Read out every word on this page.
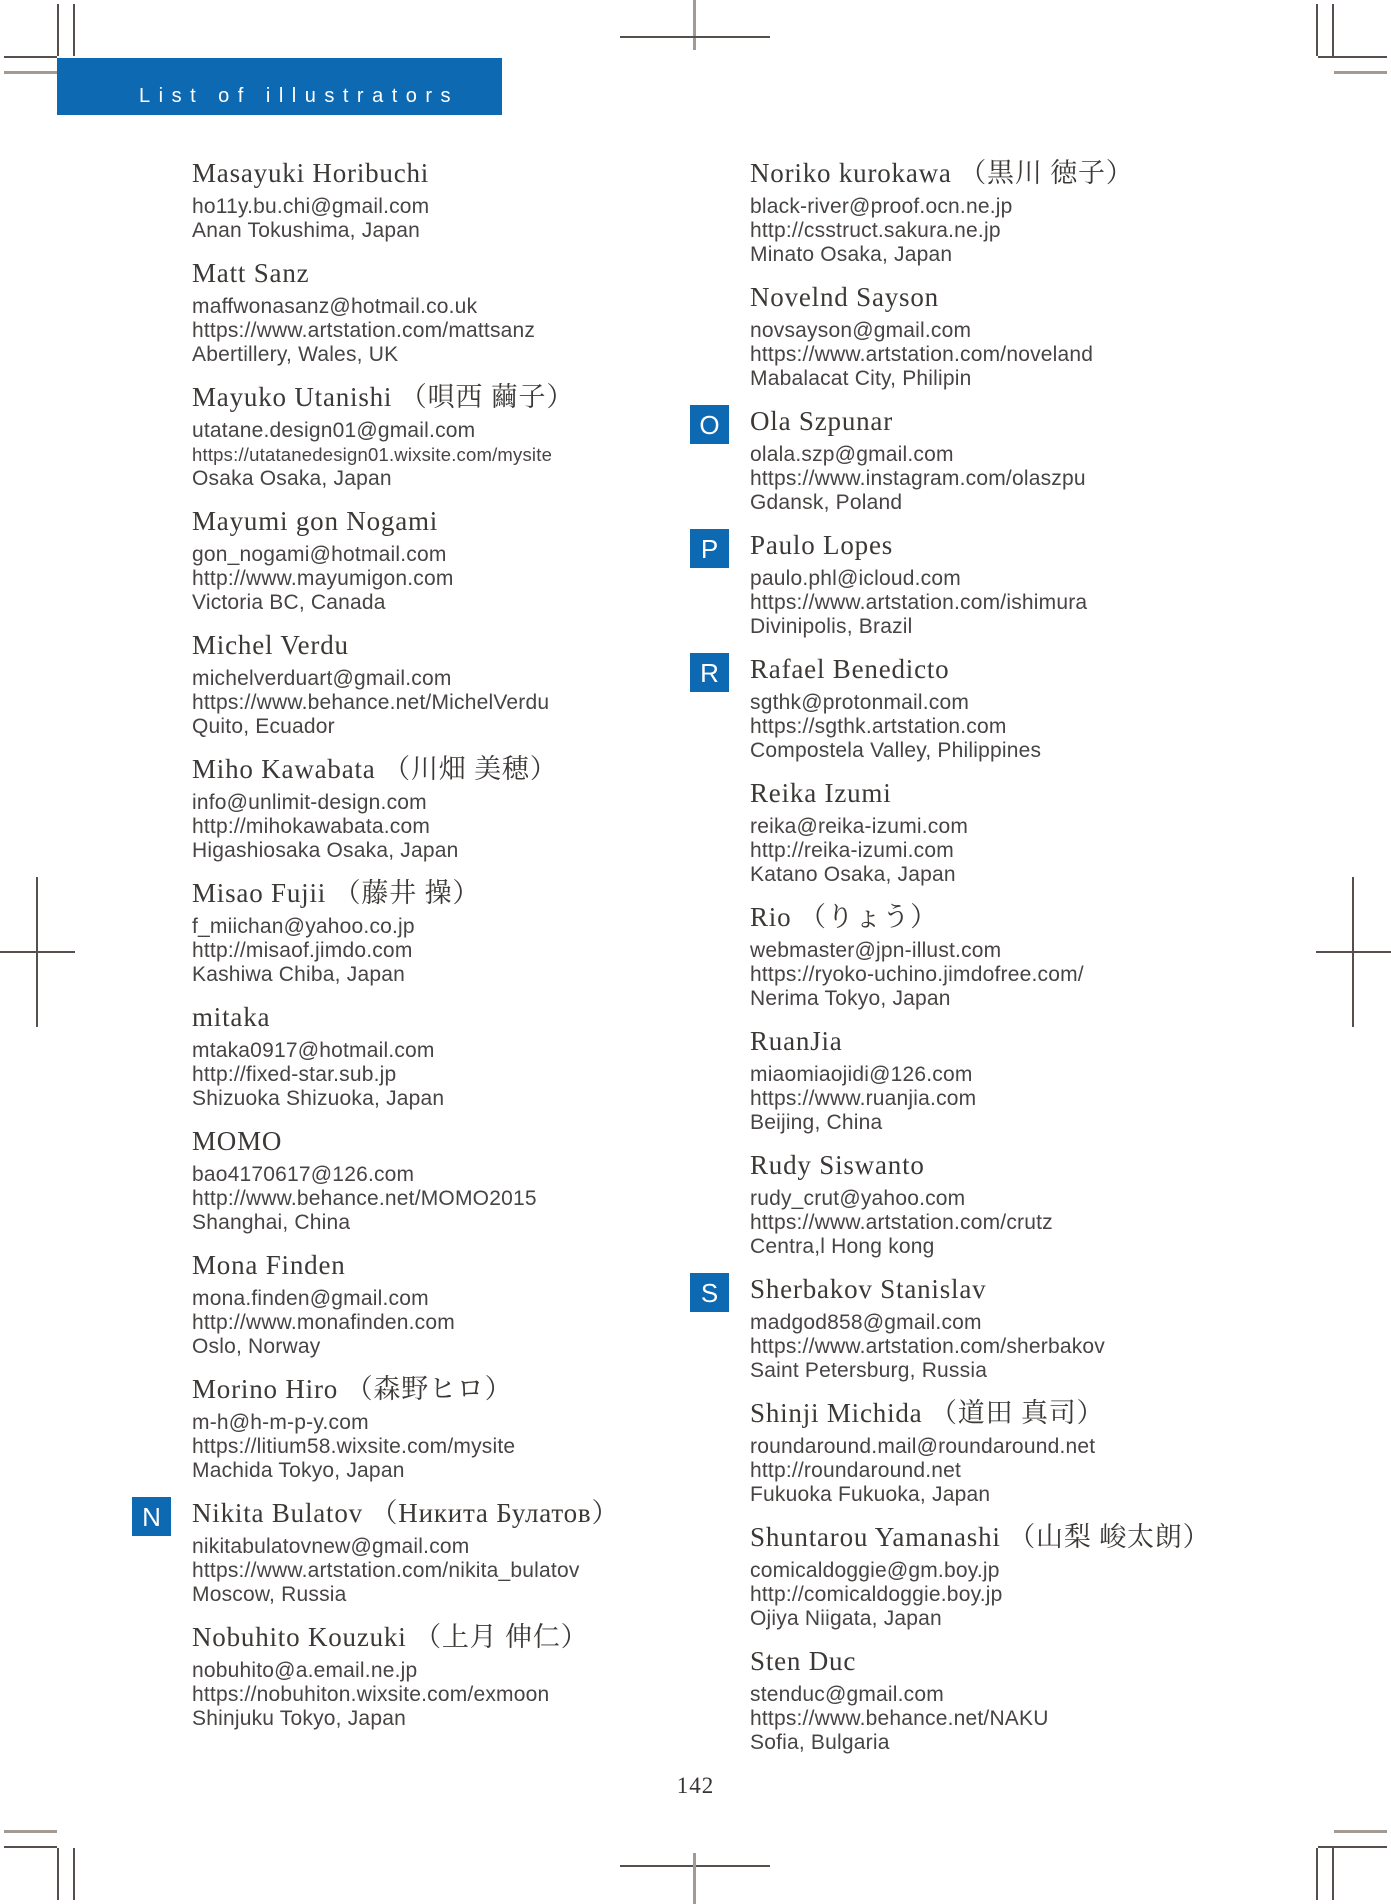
List of illustrators
Masayuki Horibuchi
ho11y.bu.chi@gmail.com
Anan Tokushima, Japan
Matt Sanz
maffwonasanz@hotmail.co.uk
https://www.artstation.com/mattsanz
Abertillery, Wales, UK
Mayuko Utanishi （唄西 繭子）
utatane.design01@gmail.com
https://utatanedesign01.wixsite.com/mysite
Osaka Osaka, Japan
Mayumi gon Nogami
gon_nogami@hotmail.com
http://www.mayumigon.com
Victoria BC, Canada
Michel Verdu
michelverduart@gmail.com
https://www.behance.net/MichelVerdu
Quito, Ecuador
Miho Kawabata （川畑 美穂）
info@unlimit-design.com
http://mihokawabata.com
Higashiosaka Osaka, Japan
Misao Fujii （藤井 操）
f_miichan@yahoo.co.jp
http://misaof.jimdo.com
Kashiwa Chiba, Japan
mitaka
mtaka0917@hotmail.com
http://fixed-star.sub.jp
Shizuoka Shizuoka, Japan
MOMO
bao4170617@126.com
http://www.behance.net/MOMO2015
Shanghai, China
Mona Finden
mona.finden@gmail.com
http://www.monafinden.com
Oslo, Norway
Morino Hiro （森野ヒロ）
m-h@h-m-p-y.com
https://litium58.wixsite.com/mysite
Machida Tokyo, Japan
N	Nikita Bulatov （Никита Булатов）
nikitabulatovnew@gmail.com
https://www.artstation.com/nikita_bulatov
Moscow, Russia
Nobuhito Kouzuki （上月 伸仁）
nobuhito@a.email.ne.jp
https://nobuhiton.wixsite.com/exmoon
Shinjuku Tokyo, Japan
Noriko kurokawa （黒川 徳子）
black-river@proof.ocn.ne.jp
http://csstruct.sakura.ne.jp
Minato Osaka, Japan
Novelnd Sayson
novsayson@gmail.com
https://www.artstation.com/noveland
Mabalacat City, Philipin
O	Ola Szpunar
olala.szp@gmail.com
https://www.instagram.com/olaszpu
Gdansk, Poland
P	Paulo Lopes
paulo.phl@icloud.com
https://www.artstation.com/ishimura
Divinipolis, Brazil
R	Rafael Benedicto
sgthk@protonmail.com
https://sgthk.artstation.com
Compostela Valley, Philippines
Reika Izumi
reika@reika-izumi.com
http://reika-izumi.com
Katano Osaka, Japan
Rio （りょう）
webmaster@jpn-illust.com
https://ryoko-uchino.jimdofree.com/
Nerima Tokyo, Japan
RuanJia
miaomiaojidi@126.com
https://www.ruanjia.com
Beijing, China
Rudy Siswanto
rudy_crut@yahoo.com
https://www.artstation.com/crutz
Centra,l Hong kong
S	Sherbakov Stanislav
madgod858@gmail.com
https://www.artstation.com/sherbakov
Saint Petersburg, Russia
Shinji Michida （道田 真司）
roundaround.mail@roundaround.net
http://roundaround.net
Fukuoka Fukuoka, Japan
Shuntarou Yamanashi （山梨 峻太朗）
comicaldoggie@gm.boy.jp
http://comicaldoggie.boy.jp
Ojiya Niigata, Japan
Sten Duc
stenduc@gmail.com
https://www.behance.net/NAKU
Sofia, Bulgaria
142
